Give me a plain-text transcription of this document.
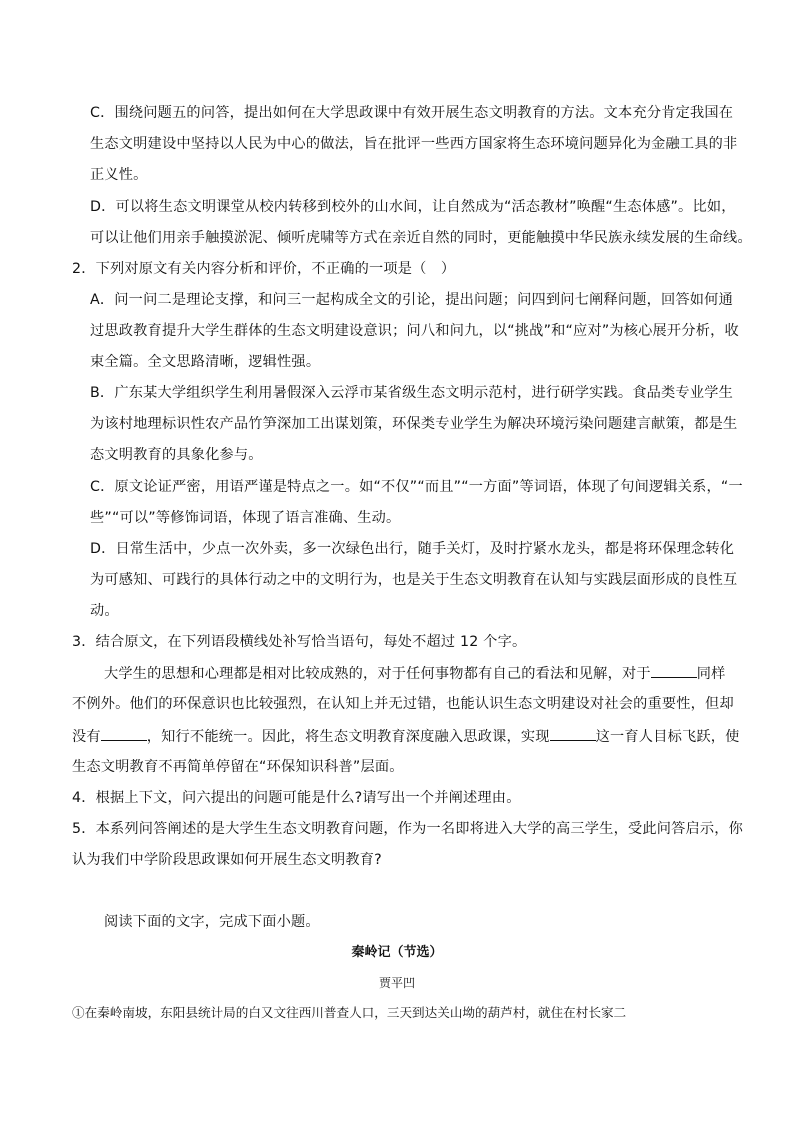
C．围绕问题五的问答，提出如何在大学思政课中有效开展生态文明教育的方法。文本充分肯定我国在
生态文明建设中坚持以人民为中心的做法，旨在批评一些西方国家将生态环境问题异化为金融工具的非
正义性。
D．可以将生态文明课堂从校内转移到校外的山水间，让自然成为“活态教材”唤醒“生态体感”。比如，
可以让他们用亲手触摸淤泥、倾听虎啸等方式在亲近自然的同时，更能触摸中华民族永续发展的生命线。
2．下列对原文有关内容分析和评价，不正确的一项是（　）
A．问一问二是理论支撑，和问三一起构成全文的引论，提出问题；问四到问七阐释问题，回答如何通
过思政教育提升大学生群体的生态文明建设意识；问八和问九，以“挑战”和“应对”为核心展开分析，收
束全篇。全文思路清晰，逻辑性强。
B．广东某大学组织学生利用暑假深入云浮市某省级生态文明示范村，进行研学实践。食品类专业学生
为该村地理标识性农产品竹笋深加工出谋划策，环保类专业学生为解决环境污染问题建言献策，都是生
态文明教育的具象化参与。
C．原文论证严密，用语严谨是特点之一。如“不仅”“而且”“一方面”等词语，体现了句间逻辑关系，“一
些”“可以”等修饰词语，体现了语言准确、生动。
D．日常生活中，少点一次外卖，多一次绿色出行，随手关灯，及时拧紧水龙头，都是将环保理念转化
为可感知、可践行的具体行动之中的文明行为，也是关于生态文明教育在认知与实践层面形成的良性互
动。
3．结合原文，在下列语段横线处补写恰当语句，每处不超过 12 个字。
大学生的思想和心理都是相对比较成熟的，对于任何事物都有自己的看法和见解，对于	同样
不例外。他们的环保意识也比较强烈，在认知上并无过错，也能认识生态文明建设对社会的重要性，但却
没有	，知行不能统一。因此，将生态文明教育深度融入思政课，实现	这一育人目标飞跃，使
生态文明教育不再简单停留在“环保知识科普”层面。
4．根据上下文，问六提出的问题可能是什么?请写出一个并阐述理由。
5．本系列问答阐述的是大学生生态文明教育问题，作为一名即将进入大学的高三学生，受此问答启示，你
认为我们中学阶段思政课如何开展生态文明教育?
阅读下面的文字，完成下面小题。
秦岭记（节选）
贾平凹
①在秦岭南坡，东阳县统计局的白又文往西川普查人口，三天到达关山坳的葫芦村，就住在村长家二
